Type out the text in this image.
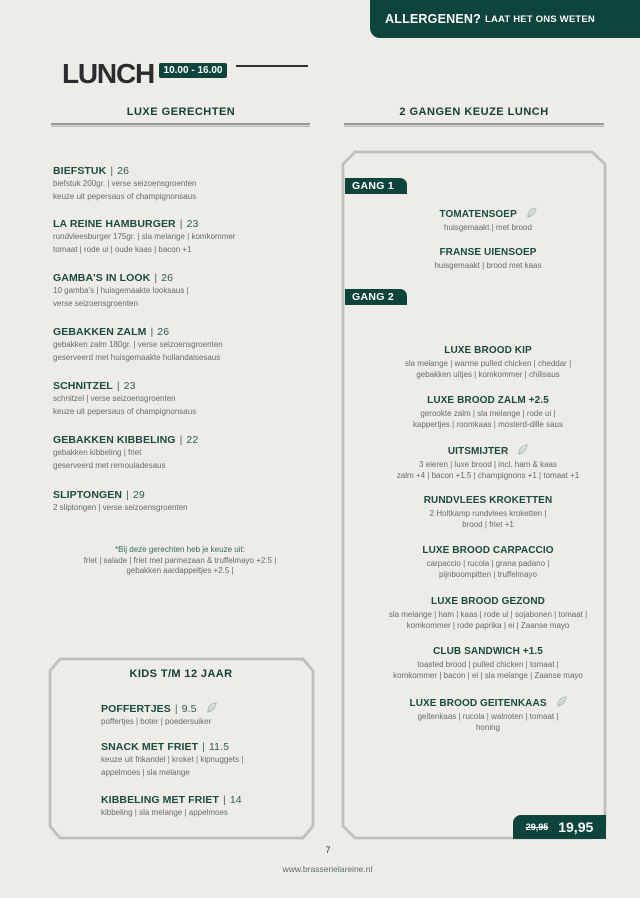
ALLERGENEN? LAAT HET ONS WETEN
LUNCH 10.00 - 16.00
LUXE GERECHTEN	2 GANGEN KEUZE LUNCH
BIEFSTUK | 26
biefstuk 200gr. | verse seizoensgroenten
keuze uit pepersaus of champignonsaus
LA REINE HAMBURGER | 23
rundvleesburger 175gr. | sla melange | komkommer
tomaat | rode ui | oude kaas | bacon +1
GAMBA'S IN LOOK | 26
10 gamba's | huisgemaakte looksaus |
verse seizoensgroenten
GEBAKKEN ZALM | 26
gebakken zalm 180gr. | verse seizoensgroenten
geserveerd met huisgemaakte hollandaisesaus
SCHNITZEL | 23
schnitzel | verse seizoensgroenten
keuze uit pepersaus of champignonsaus
GEBAKKEN KIBBELING | 22
gebakken kibbeling | friet
geserveerd met remouladesaus
SLIPTONGEN | 29
2 sliptongen | verse seizoensgroenten
*Bij deze gerechten heb je keuze uit:
friet | salade | friet met parmezaan & truffelmayo +2.5 |
gebakken aardappeltjes +2.5 |
KIDS T/M 12 JAAR
POFFERTJES | 9.5
poffertjes | boter | poedersuiker
SNACK MET FRIET | 11.5
keuze uit frikandel | kroket | kipnuggets |
appelmoes | sla melange
KIBBELING MET FRIET | 14
kibbeling | sla melange | appelmoes
GANG 1
TOMATENSOEP
huisgemaakt | met brood
FRANSE UIENSOEP
huisgemaakt | brood met kaas
GANG 2
LUXE BROOD KIP
sla melange | warme pulled chicken | cheddar |
gebakken uitjes | komkommer | chilisaus
LUXE BROOD ZALM +2.5
gerookte zalm | sla melange | rode ui |
kappertjes | roomkaas | mosterd-dille saus
UITSMIJTER
3 eieren | luxe brood | incl. ham & kaas
zalm +4 | bacon +1.5 | champignons +1 | tomaat +1
RUNDVLEES KROKETTEN
2 Holtkamp rundvlees kroketten |
brood | friet +1
LUXE BROOD CARPACCIO
carpaccio | rucola | grana padano |
pijnboompitten | truffelmayo
LUXE BROOD GEZOND
sla melange | ham | kaas | rode ui | sojabonen | tomaat |
komkommer | rode paprika | ei | Zaanse mayo
CLUB SANDWICH +1.5
toasted brood | pulled chicken | tomaat |
komkommer | bacon | ei | sla melange | Zaanse mayo
LUXE BROOD GEITENKAAS
geitenkaas | rucola | walnoten | tomaat |
honing
29,95 19,95
7
www.brasserielareine.nl
